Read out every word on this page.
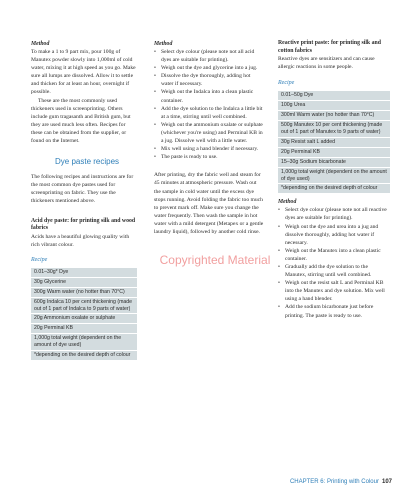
Method

To make a 1 to 9 part mix, pour 100g of Manutex powder slowly into 1,000ml of cold water, mixing it at high speed as you go. Make sure all lumps are dissolved. Allow it to settle and thicken for at least an hour, overnight if possible.

These are the most commonly used thickeners used in screenprinting. Others include gum tragasanth and British gum, but they are used much less often. Recipes for these can be obtained from the supplier, or found on the Internet.

Dye paste recipes

The following recipes and instructions are for the most common dye pastes used for screenprinting on fabric. They use the thickeners mentioned above.

Acid dye paste: for printing silk and wood fabrics

Acids have a beautiful glowing quality with rich vibrant colour.

Recipe

0.01–30g* Dye
30g Glycerine
300g Warm water (no hotter than 70°C)
600g Indalca 10 per cent thickening (made out of 1 part of Indalca to 9 parts of water)
20g Ammonium oxalate or sulphate
20g Perminal KB
1,000g total weight (dependent on the amount of dye used)
*depending on the desired depth of colour

Method

• Select dye colour (please note not all acid dyes are suitable for printing).
• Weigh out the dye and glycerine into a jug.
• Dissolve the dye thoroughly, adding hot water if necessary.
• Weigh out the Indalca into a clean plastic container.
• Add the dye solution to the Indalca a little bit at a time, stirring until well combined.
• Weigh out the ammonium oxalate or sulphate (whichever you're using) and Perminal KB in a jug. Dissolve well with a little water.
• Mix well using a hand blender if necessary.
• The paste is ready to use.

After printing, dry the fabric well and steam for 45 minutes at atmospheric pressure. Wash out the sample in cold water until the excess dye stops running. Avoid folding the fabric too much to prevent mark off. Make sure you change the water frequently. Then wash the sample in hot water with a mild detergent (Metapex or a gentle laundry liquid), followed by another cold rinse.

Reactive print paste: for printing silk and cotton fabrics

Reactive dyes are sensitizers and can cause allergic reactions in some people.

Recipe

0.01–50g Dye
100g Urea
300ml Warm water (no hotter than 70°C)
500g Manutex 10 per cent thickening (made out of 1 part of Manutex to 9 parts of water)
30g Resist salt L added
20g Perminal KB
15–30g Sodium bicarbonate
1,000g total weight (dependent on the amount of dye used)
*depending on the desired depth of colour

Method

• Select dye colour (please note not all reactive dyes are suitable for printing).
• Weigh out the dye and urea into a jug and dissolve thoroughly, adding hot water if necessary.
• Weigh out the Manutex into a clean plastic container.
• Gradually add the dye solution to the Manutex, stirring until well combined.
• Weigh out the resist salt L and Perminal KB into the Manutex and dye solution. Mix well using a hand blender.
• Add the sodium bicarbonate just before printing. The paste is ready to use.
Copyrighted Material
CHAPTER 6: Printing with Colour 107
